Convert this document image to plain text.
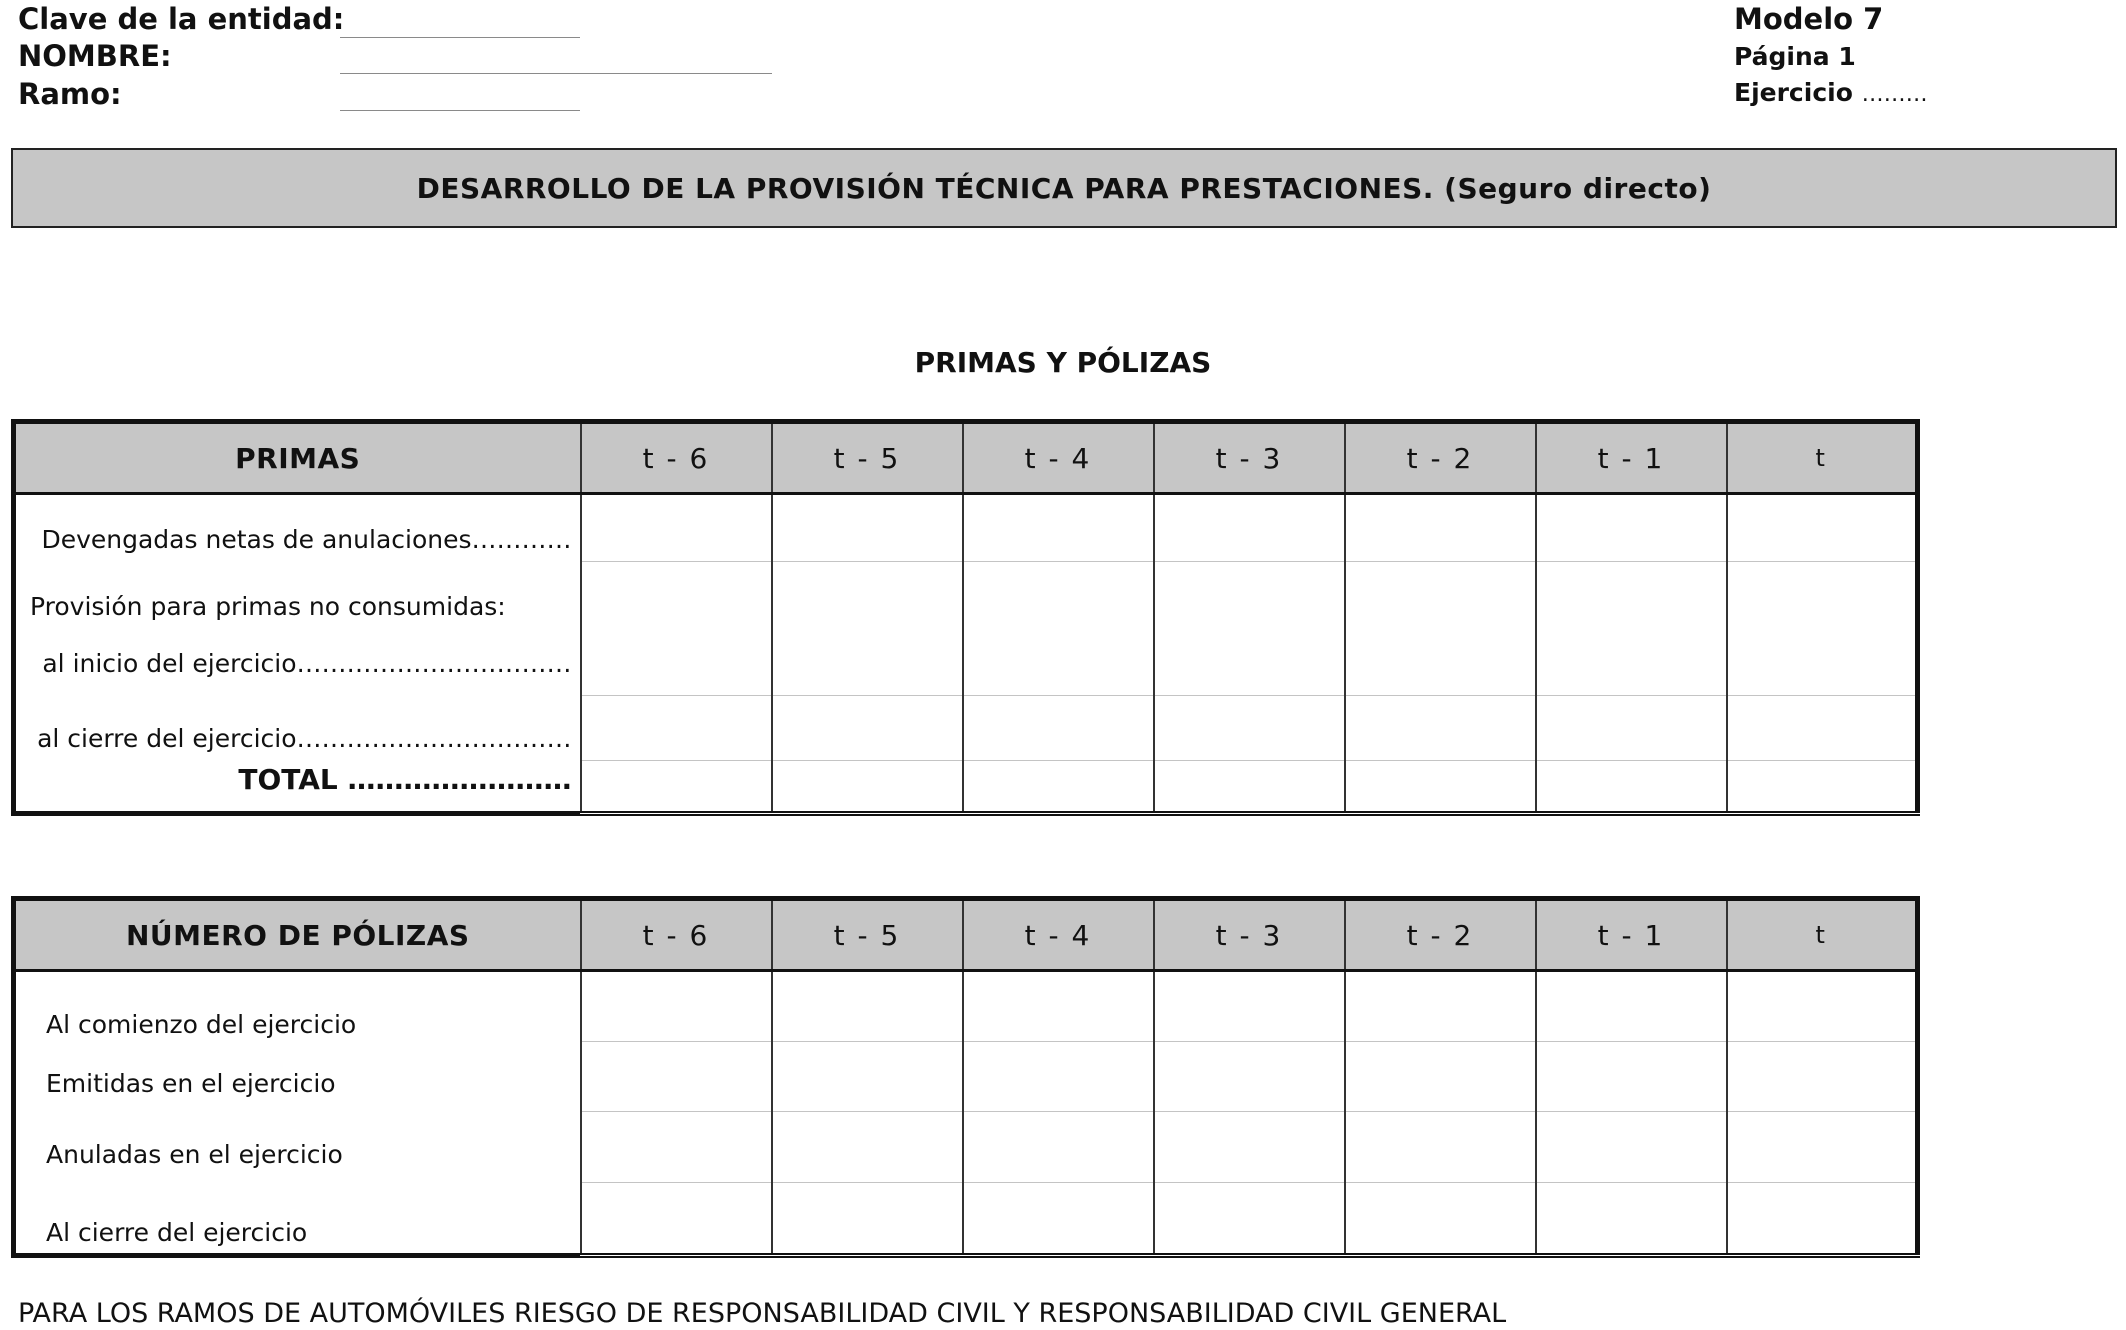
Clave de la entidad:
NOMBRE:
Ramo:
Modelo 7
Página 1
Ejercicio ………
DESARROLLO DE LA PROVISIÓN TÉCNICA PARA PRESTACIONES. (Seguro directo)
PRIMAS Y PÓLIZAS
PRIMAS	t - 6	t - 5	t - 4	t - 3	t - 2	t - 1	t

Devengadas netas de anulaciones…………							

Provisión para primas no consumidas:
al inicio del ejercicio……………………………							

al cierre del ejercicio……………………………							

TOTAL ……………………							

NÚMERO DE PÓLIZAS	t - 6	t - 5	t - 4	t - 3	t - 2	t - 1	t

Al comienzo del ejercicio							

Emitidas en el ejercicio							

Anuladas en el ejercicio							

Al cierre del ejercicio							

PARA LOS RAMOS DE AUTOMÓVILES RIESGO DE RESPONSABILIDAD CIVIL Y RESPONSABILIDAD CIVIL GENERAL
